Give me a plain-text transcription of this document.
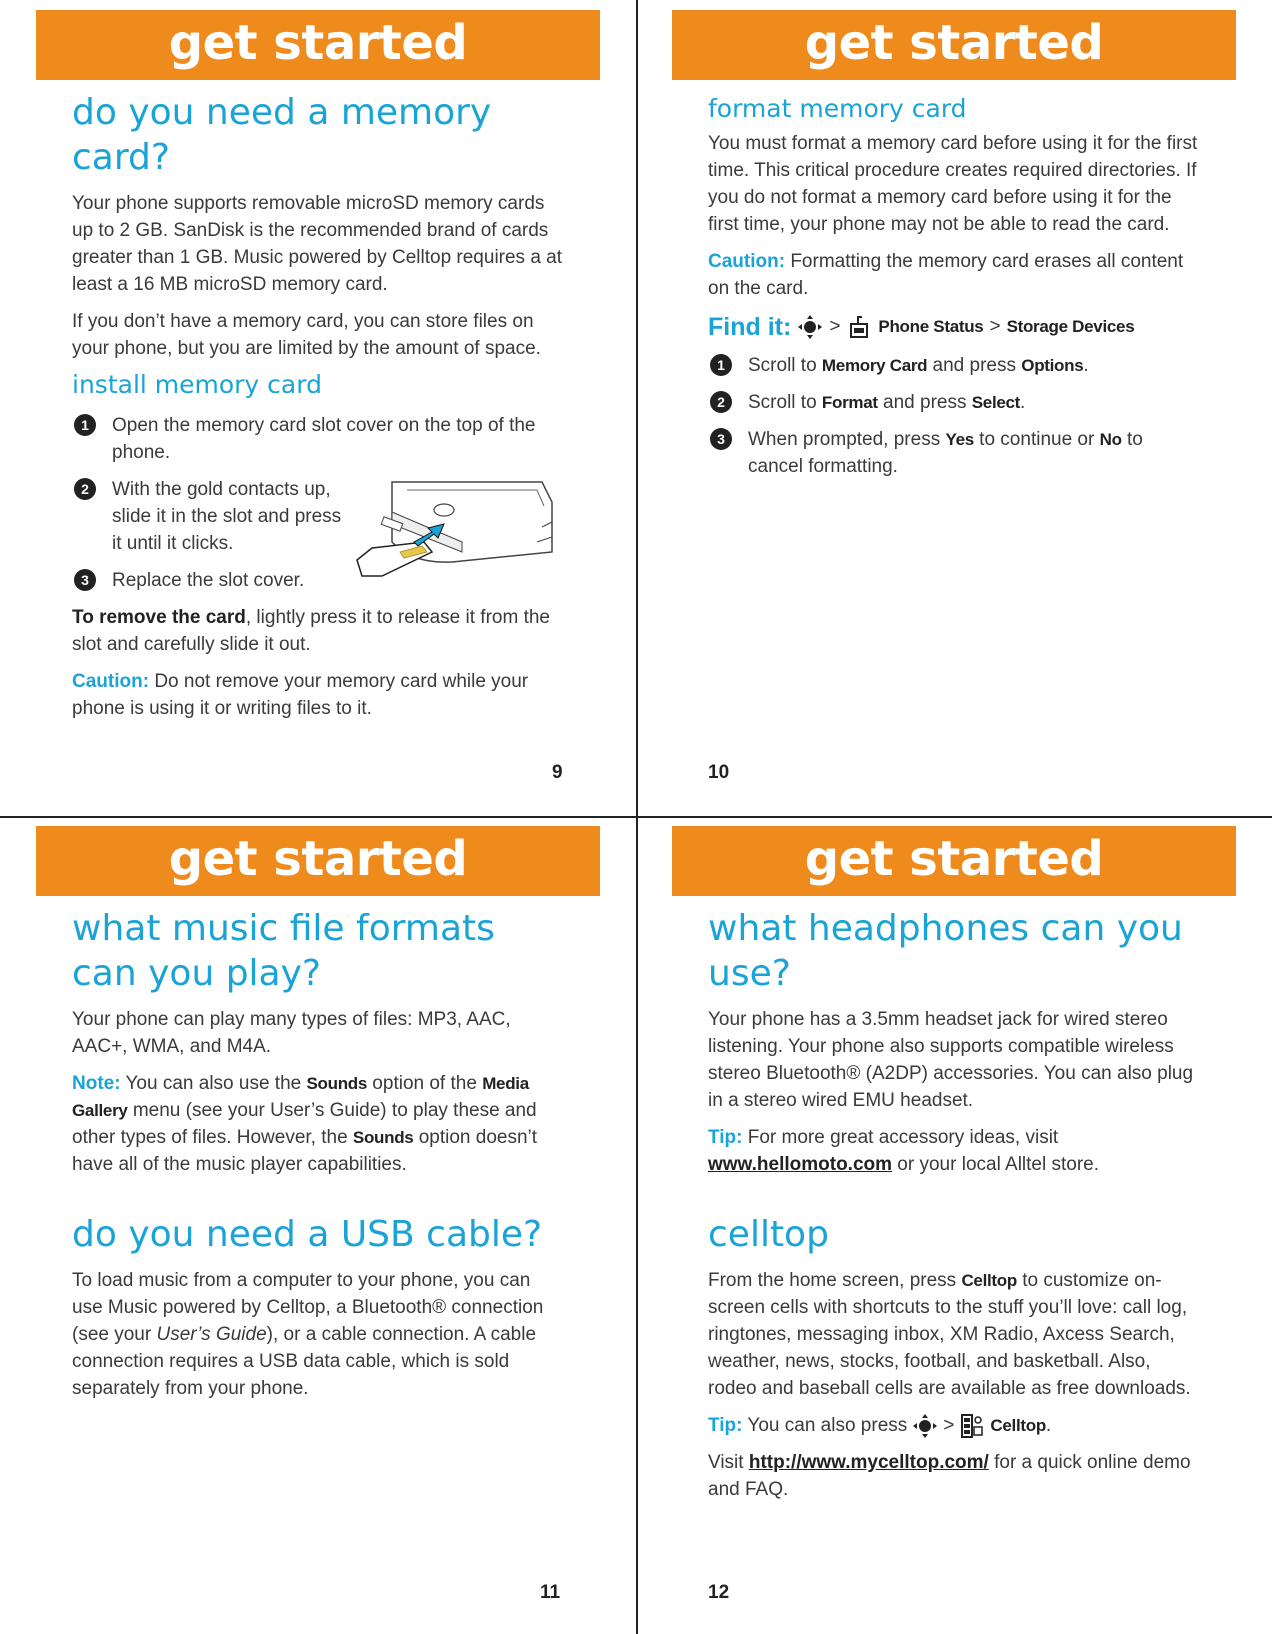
get started
do you need a memory card?
Your phone supports removable microSD memory cards up to 2 GB. SanDisk is the recommended brand of cards greater than 1 GB. Music powered by Celltop requires a at least a 16 MB microSD memory card.
If you don’t have a memory card, you can store files on your phone, but you are limited by the amount of space.
install memory card
1	Open the memory card slot cover on the top of the phone.
2	With the gold contacts up, slide it in the slot and press it until it clicks.
3	Replace the slot cover.
To remove the card, lightly press it to release it from the slot and carefully slide it out.
Caution: Do not remove your memory card while your phone is using it or writing files to it.
9
get started
format memory card
You must format a memory card before using it for the first time. This critical procedure creates required directories. If you do not format a memory card before using it for the first time, your phone may not be able to read the card.
Caution: Formatting the memory card erases all content on the card.
Find it: > Phone Status > Storage Devices
1	Scroll to Memory Card and press Options.
2	Scroll to Format and press Select.
3	When prompted, press Yes to continue or No to cancel formatting.
10
get started
what music file formats can you play?
Your phone can play many types of files: MP3, AAC, AAC+, WMA, and M4A.
Note: You can also use the Sounds option of the Media Gallery menu (see your User’s Guide) to play these and other types of files. However, the Sounds option doesn’t have all of the music player capabilities.
do you need a USB cable?
To load music from a computer to your phone, you can use Music powered by Celltop, a Bluetooth® connection (see your User’s Guide), or a cable connection. A cable connection requires a USB data cable, which is sold separately from your phone.
11
get started
what headphones can you use?
Your phone has a 3.5mm headset jack for wired stereo listening. Your phone also supports compatible wireless stereo Bluetooth® (A2DP) accessories. You can also plug in a stereo wired EMU headset.
Tip: For more great accessory ideas, visit www.hellomoto.com or your local Alltel store.
celltop
From the home screen, press Celltop to customize on-screen cells with shortcuts to the stuff you’ll love: call log, ringtones, messaging inbox, XM Radio, Axcess Search, weather, news, stocks, football, and basketball. Also, rodeo and baseball cells are available as free downloads.
Tip: You can also press > Celltop.
Visit http://www.mycelltop.com/ for a quick online demo and FAQ.
12
